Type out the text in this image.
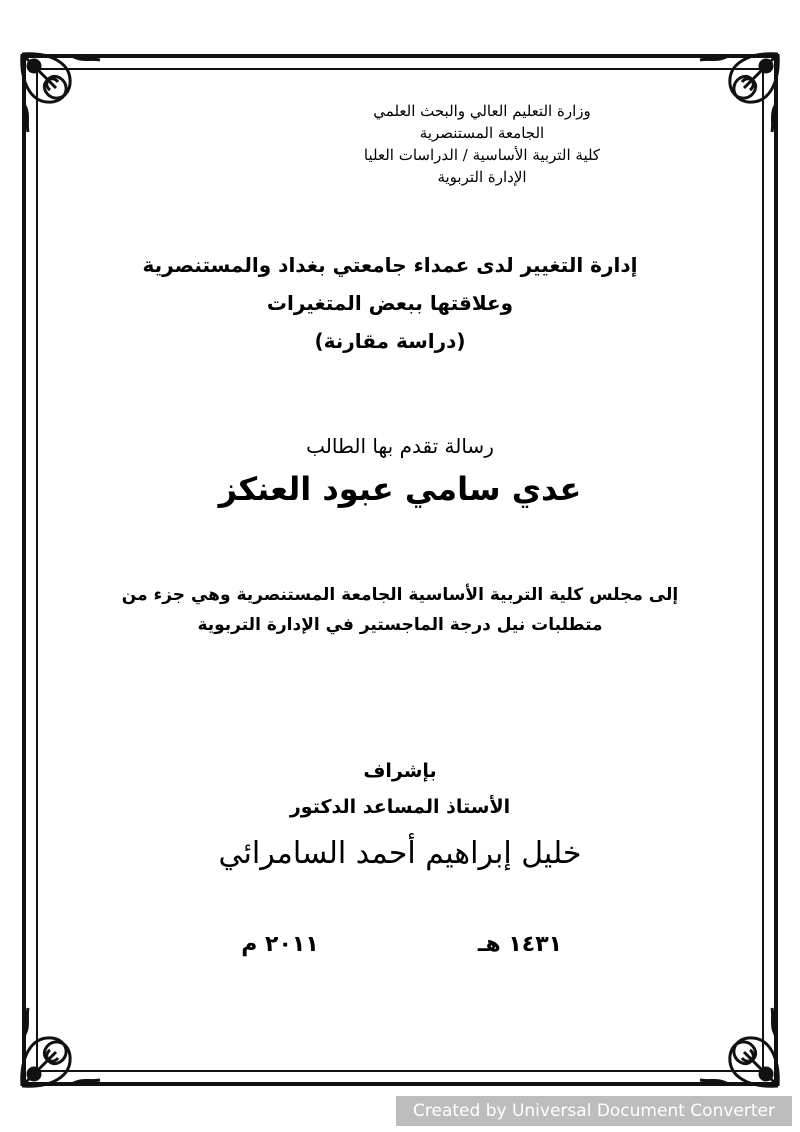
وزارة التعليم العالي والبحث العلمي
الجامعة المستنصرية
كلية التربية الأساسية / الدراسات العليا
الإدارة التربوية
إدارة التغيير لدى عمداء جامعتي بغداد والمستنصرية
وعلاقتها ببعض المتغيرات
(دراسة مقارنة)
رسالة تقدم بها الطالب
عدي سامي عبود العنكز
إلى مجلس كلية التربية الأساسية الجامعة المستنصرية وهي جزء من
متطلبات نيل درجة الماجستير في الإدارة التربوية
بإشراف
الأستاذ المساعد الدكتور
خليل إبراهيم أحمد السامرائي
١٤٣١ هـ
٢٠١١ م
Created by Universal Document Converter
